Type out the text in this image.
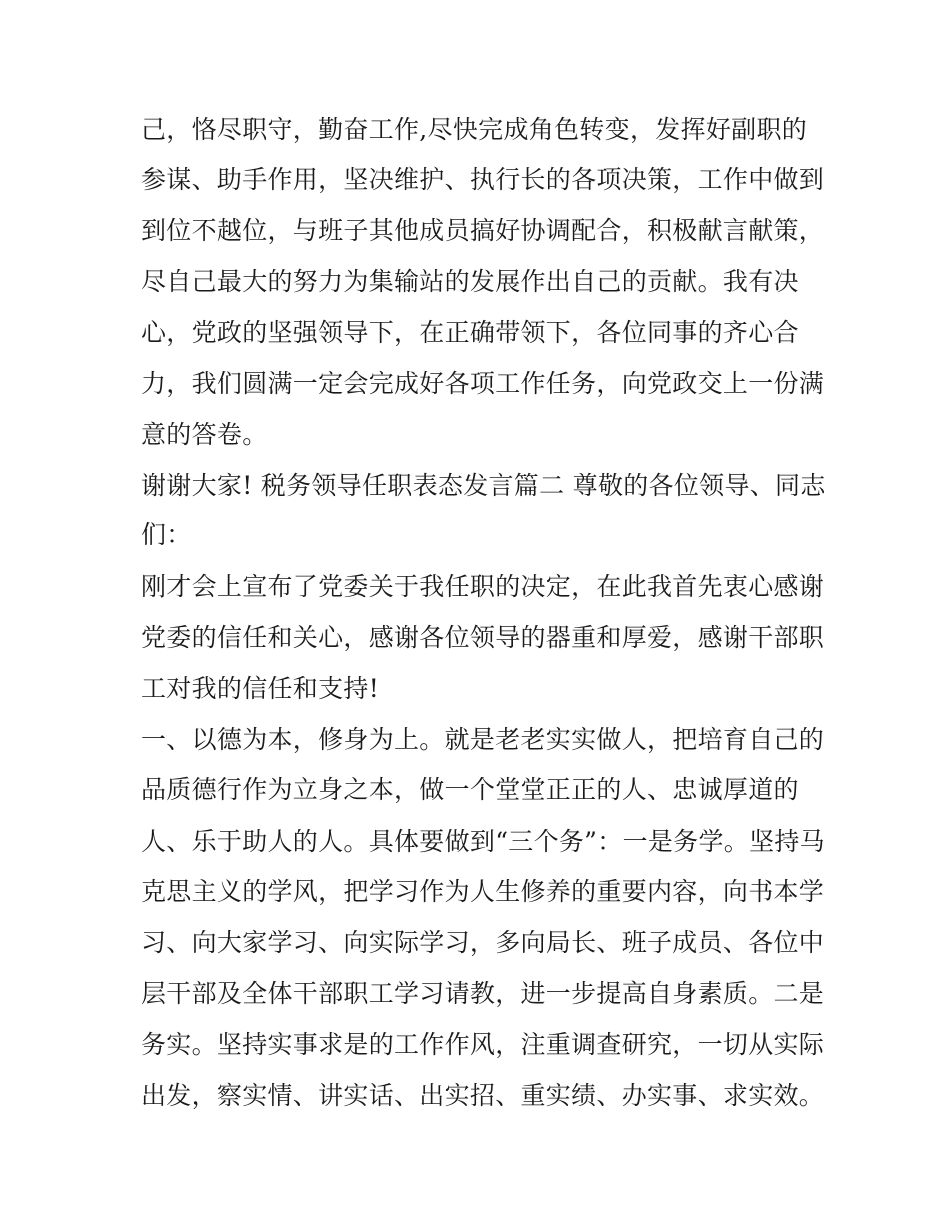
己，恪尽职守，勤奋工作,尽快完成角色转变，发挥好副职的

参谋、助手作用，坚决维护、执行长的各项决策，工作中做到

到位不越位，与班子其他成员搞好协调配合，积极献言献策，

尽自己最大的努力为集输站的发展作出自己的贡献。我有决

心，党政的坚强领导下，在正确带领下，各位同事的齐心合

力，我们圆满一定会完成好各项工作任务，向党政交上一份满

意的答卷。

谢谢大家! 税务领导任职表态发言篇二 尊敬的各位领导、同志

们：

刚才会上宣布了党委关于我任职的决定，在此我首先衷心感谢

党委的信任和关心，感谢各位领导的器重和厚爱，感谢干部职

工对我的信任和支持!

一、以德为本，修身为上。就是老老实实做人，把培育自己的

品质德行作为立身之本，做一个堂堂正正的人、忠诚厚道的

人、乐于助人的人。具体要做到“三个务”：一是务学。坚持马

克思主义的学风，把学习作为人生修养的重要内容，向书本学

习、向大家学习、向实际学习，多向局长、班子成员、各位中

层干部及全体干部职工学习请教，进一步提高自身素质。二是

务实。坚持实事求是的工作作风，注重调查研究，一切从实际

出发，察实情、讲实话、出实招、重实绩、办实事、求实效。
